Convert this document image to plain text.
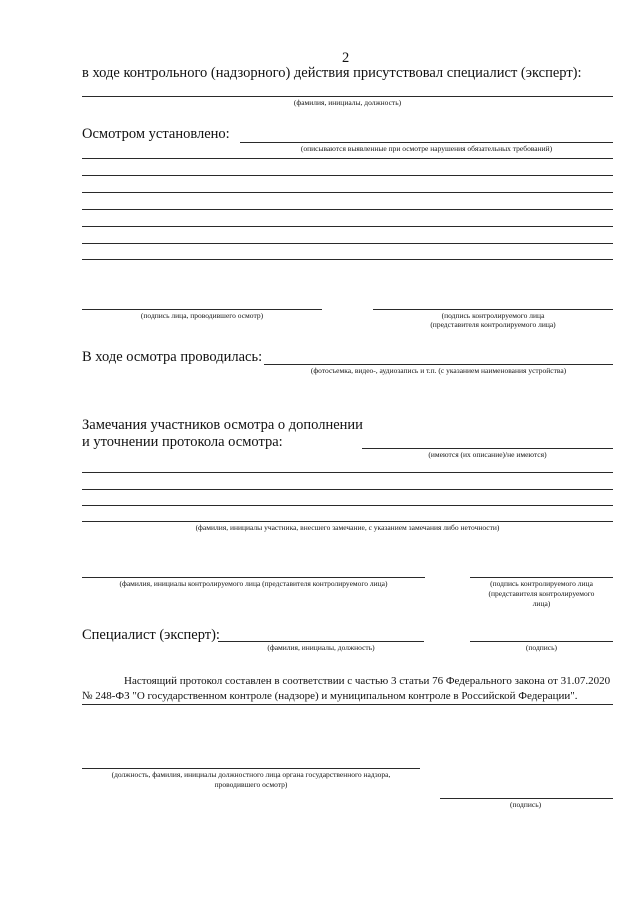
2
в ходе контрольного (надзорного) действия присутствовал специалист (эксперт):
(фамилия, инициалы, должность)
Осмотром установлено:
(описываются выявленные при осмотре нарушения обязательных требований)
(подпись лица, проводившего осмотр)	(подпись контролируемого лица
(представителя контролируемого лица)
В ходе осмотра проводилась:
(фотосъемка, видео-, аудиозапись и т.п. (с указанием наименования устройства)
Замечания участников осмотра о дополнении
и уточнении протокола осмотра:
(имеются (их описание)/не имеются)
(фамилия, инициалы участника, внесшего замечание, с указанием замечания либо неточности)
(фамилия, инициалы контролируемого лица (представителя контролируемого лица)	(подпись контролируемого лица
(представителя контролируемого
лица)
Специалист (эксперт):
(фамилия, инициалы, должность)	(подпись)
Настоящий протокол составлен в соответствии с частью 3 статьи 76 Федерального закона от 31.07.2020
№ 248-ФЗ "О государственном контроле (надзоре) и муниципальном контроле в Российской Федерации".
(должность, фамилия, инициалы должностного лица органа государственного надзора,
проводившего осмотр)
(подпись)
